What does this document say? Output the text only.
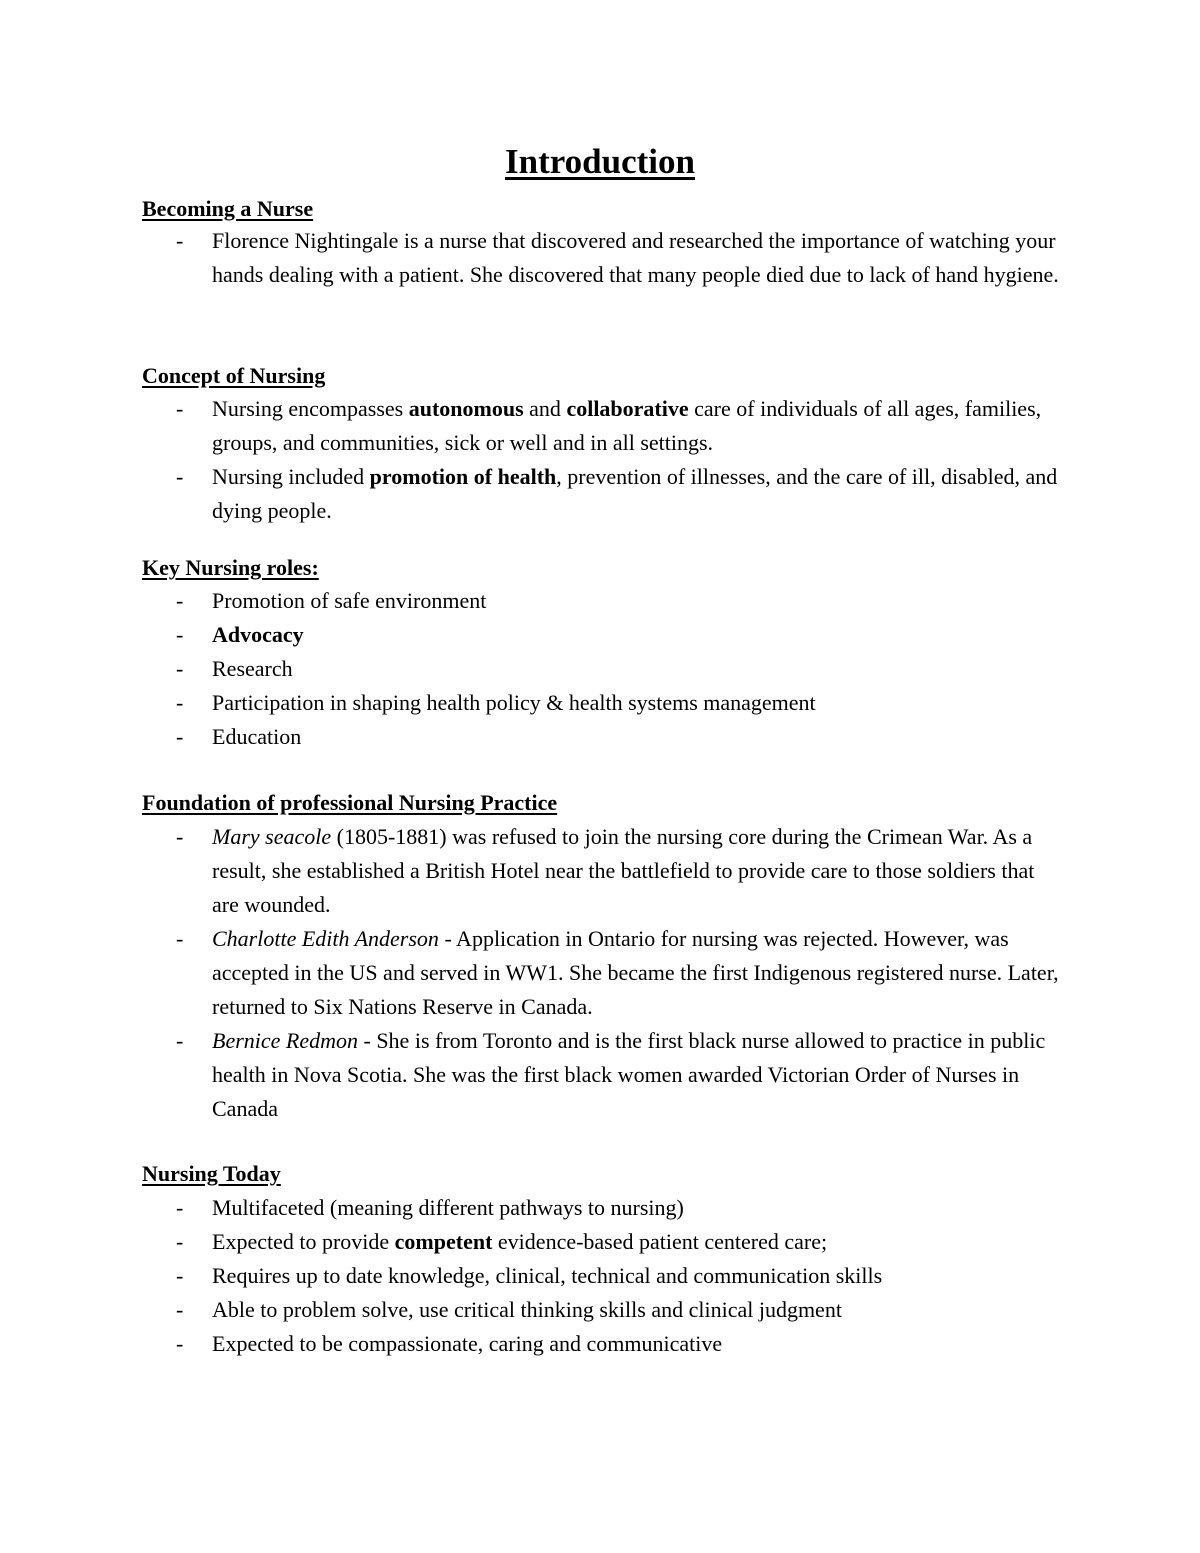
Introduction
Becoming a Nurse
- Florence Nightingale is a nurse that discovered and researched the importance of watching your hands dealing with a patient. She discovered that many people died due to lack of hand hygiene.
Concept of Nursing
- Nursing encompasses autonomous and collaborative care of individuals of all ages, families, groups, and communities, sick or well and in all settings.
- Nursing included promotion of health, prevention of illnesses, and the care of ill, disabled, and dying people.
Key Nursing roles:
- Promotion of safe environment
- Advocacy
- Research
- Participation in shaping health policy & health systems management
- Education
Foundation of professional Nursing Practice
- Mary seacole (1805-1881) was refused to join the nursing core during the Crimean War. As a result, she established a British Hotel near the battlefield to provide care to those soldiers that are wounded.
- Charlotte Edith Anderson - Application in Ontario for nursing was rejected. However, was accepted in the US and served in WW1. She became the first Indigenous registered nurse. Later, returned to Six Nations Reserve in Canada.
- Bernice Redmon - She is from Toronto and is the first black nurse allowed to practice in public health in Nova Scotia. She was the first black women awarded Victorian Order of Nurses in Canada
Nursing Today
- Multifaceted (meaning different pathways to nursing)
- Expected to provide competent evidence-based patient centered care;
- Requires up to date knowledge, clinical, technical and communication skills
- Able to problem solve, use critical thinking skills and clinical judgment
- Expected to be compassionate, caring and communicative
